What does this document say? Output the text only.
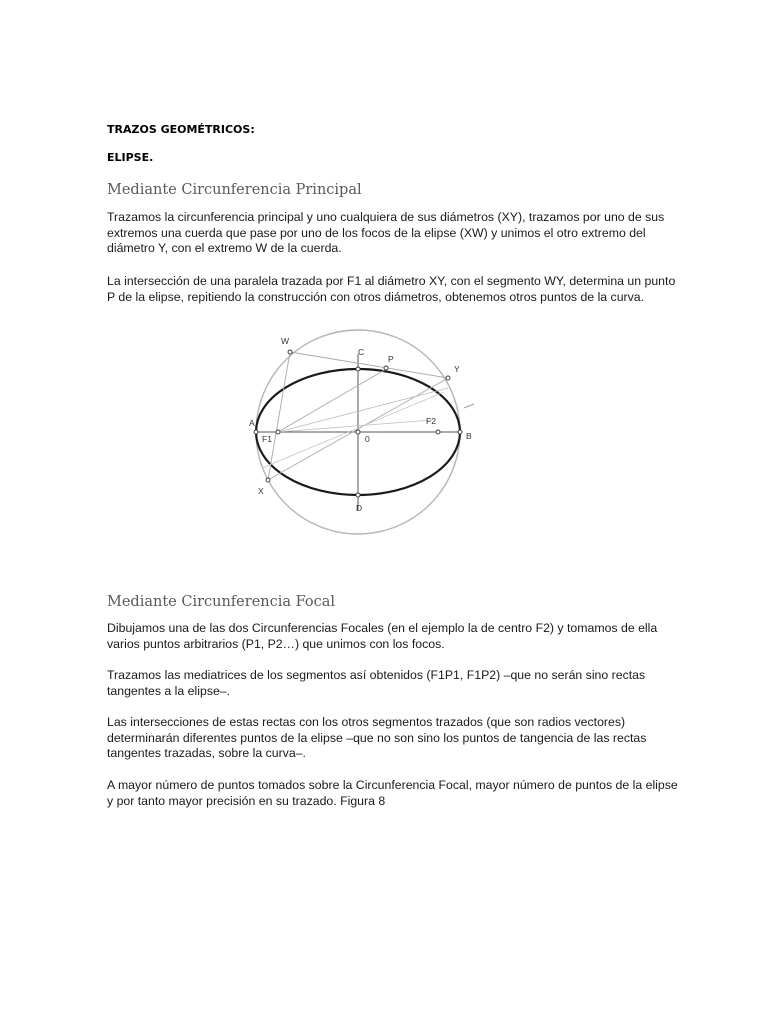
TRAZOS GEOMÉTRICOS:
ELIPSE.
Mediante Circunferencia Principal
Trazamos la circunferencia principal y uno cualquiera de sus diámetros (XY), trazamos por uno de sus
extremos una cuerda que pase por uno de los focos de la elipse (XW) y unimos el otro extremo del
diámetro Y, con el extremo W de la cuerda.
La intersección de una paralela trazada por F1 al diámetro XY, con el segmento WY, determina un punto
P de la elipse, repitiendo la construcción con otros diámetros, obtenemos otros puntos de la curva.
W
C
P
Y
A
F1	0
F2
B
X
D
Mediante Circunferencia Focal
Dibujamos una de las dos Circunferencias Focales (en el ejemplo la de centro F2) y tomamos de ella
varios puntos arbitrarios (P1, P2…) que unimos con los focos.
Trazamos las mediatrices de los segmentos así obtenidos (F1P1, F1P2) –que no serán sino rectas
tangentes a la elipse–.
Las intersecciones de estas rectas con los otros segmentos trazados (que son radios vectores)
determinarán diferentes puntos de la elipse –que no son sino los puntos de tangencia de las rectas
tangentes trazadas, sobre la curva–.
A mayor número de puntos tomados sobre la Circunferencia Focal, mayor número de puntos de la elipse
y por tanto mayor precisión en su trazado. Figura 8
